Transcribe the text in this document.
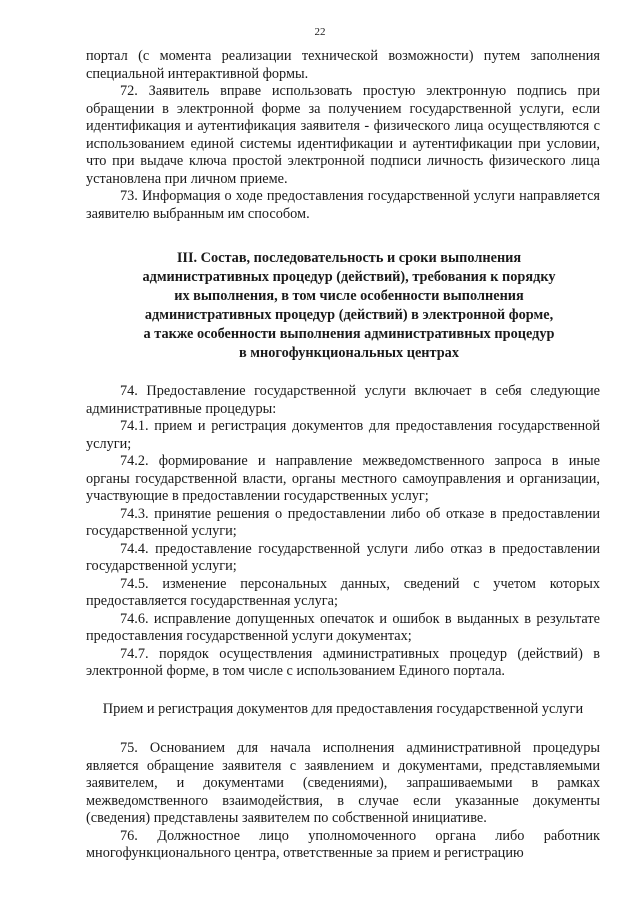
22

портал (с момента реализации технической возможности) путем заполнения специальной интерактивной формы.

72. Заявитель вправе использовать простую электронную подпись при обращении в электронной форме за получением государственной услуги, если идентификация и аутентификация заявителя - физического лица осуществляются с использованием единой системы идентификации и аутентификации при условии, что при выдаче ключа простой электронной подписи личность физического лица установлена при личном приеме.

73. Информация о ходе предоставления государственной услуги направляется заявителю выбранным им способом.

III. Состав, последовательность и сроки выполнения
административных процедур (действий), требования к порядку
их выполнения, в том числе особенности выполнения
административных процедур (действий) в электронной форме,
а также особенности выполнения административных процедур
в многофункциональных центрах

74. Предоставление государственной услуги включает в себя следующие административные процедуры:

74.1. прием и регистрация документов для предоставления государственной услуги;

74.2. формирование и направление межведомственного запроса в иные органы государственной власти, органы местного самоуправления и организации, участвующие в предоставлении государственных услуг;

74.3. принятие решения о предоставлении либо об отказе в предоставлении государственной услуги;

74.4. предоставление государственной услуги либо отказ в предоставлении государственной услуги;

74.5. изменение персональных данных, сведений с учетом которых предоставляется государственная услуга;

74.6. исправление допущенных опечаток и ошибок в выданных в результате предоставления государственной услуги документах;

74.7. порядок осуществления административных процедур (действий) в электронной форме, в том числе с использованием Единого портала.

Прием и регистрация документов для предоставления государственной услуги

75. Основанием для начала исполнения административной процедуры является обращение заявителя с заявлением и документами, представляемыми заявителем, и документами (сведениями), запрашиваемыми в рамках межведомственного взаимодействия, в случае если указанные документы (сведения) представлены заявителем по собственной инициативе.

76. Должностное лицо уполномоченного органа либо работник многофункционального центра, ответственные за прием и регистрацию
